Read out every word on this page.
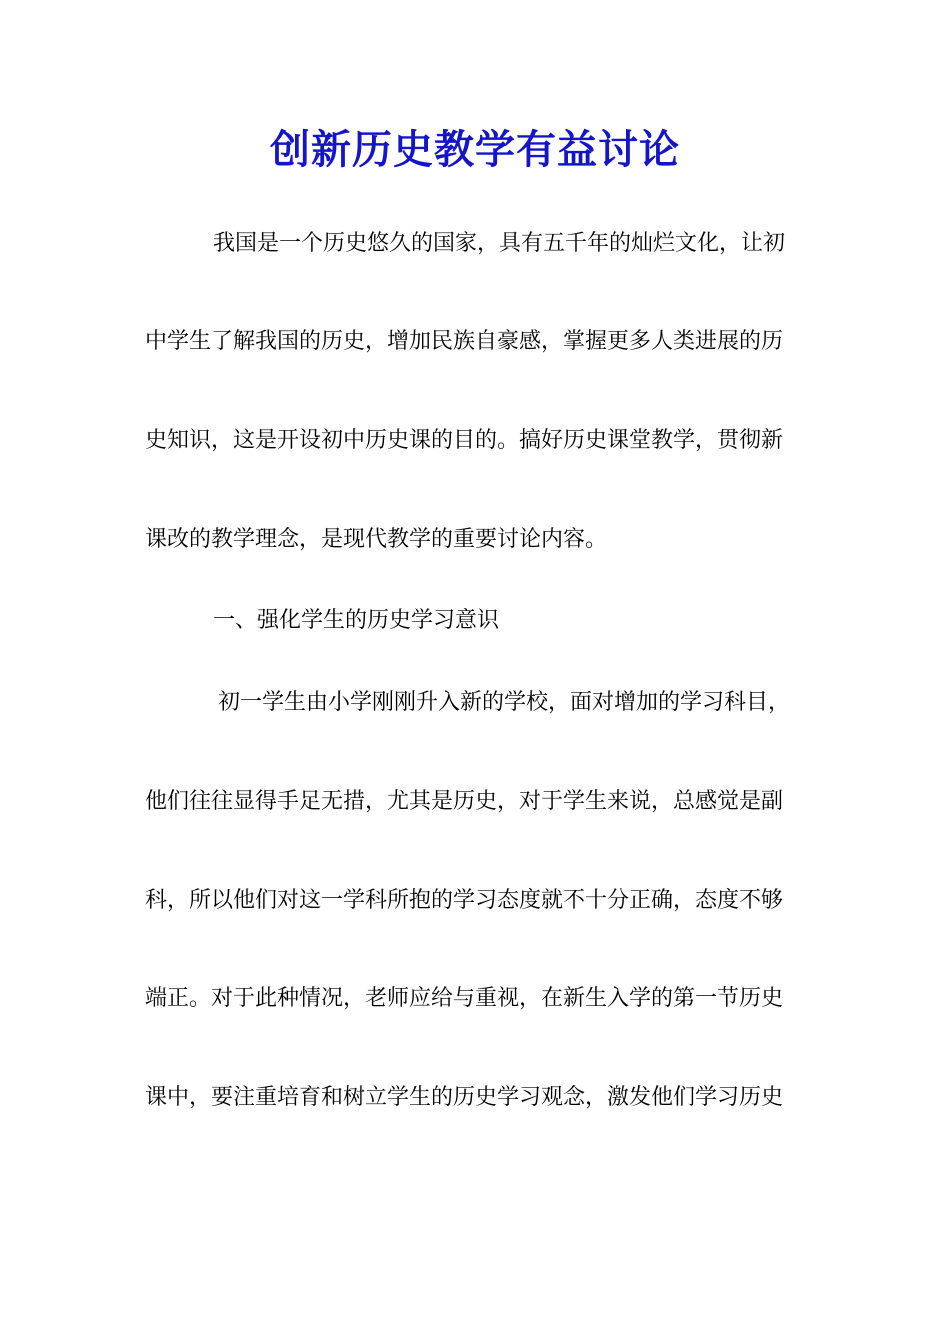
创新历史教学有益讨论
我国是一个历史悠久的国家，具有五千年的灿烂文化，让初
中学生了解我国的历史，增加民族自豪感，掌握更多人类进展的历
史知识，这是开设初中历史课的目的。搞好历史课堂教学，贯彻新
课改的教学理念，是现代教学的重要讨论内容。
一、强化学生的历史学习意识
初一学生由小学刚刚升入新的学校，面对增加的学习科目，
他们往往显得手足无措，尤其是历史，对于学生来说，总感觉是副
科，所以他们对这一学科所抱的学习态度就不十分正确，态度不够
端正。对于此种情况，老师应给与重视，在新生入学的第一节历史
课中，要注重培育和树立学生的历史学习观念，激发他们学习历史
